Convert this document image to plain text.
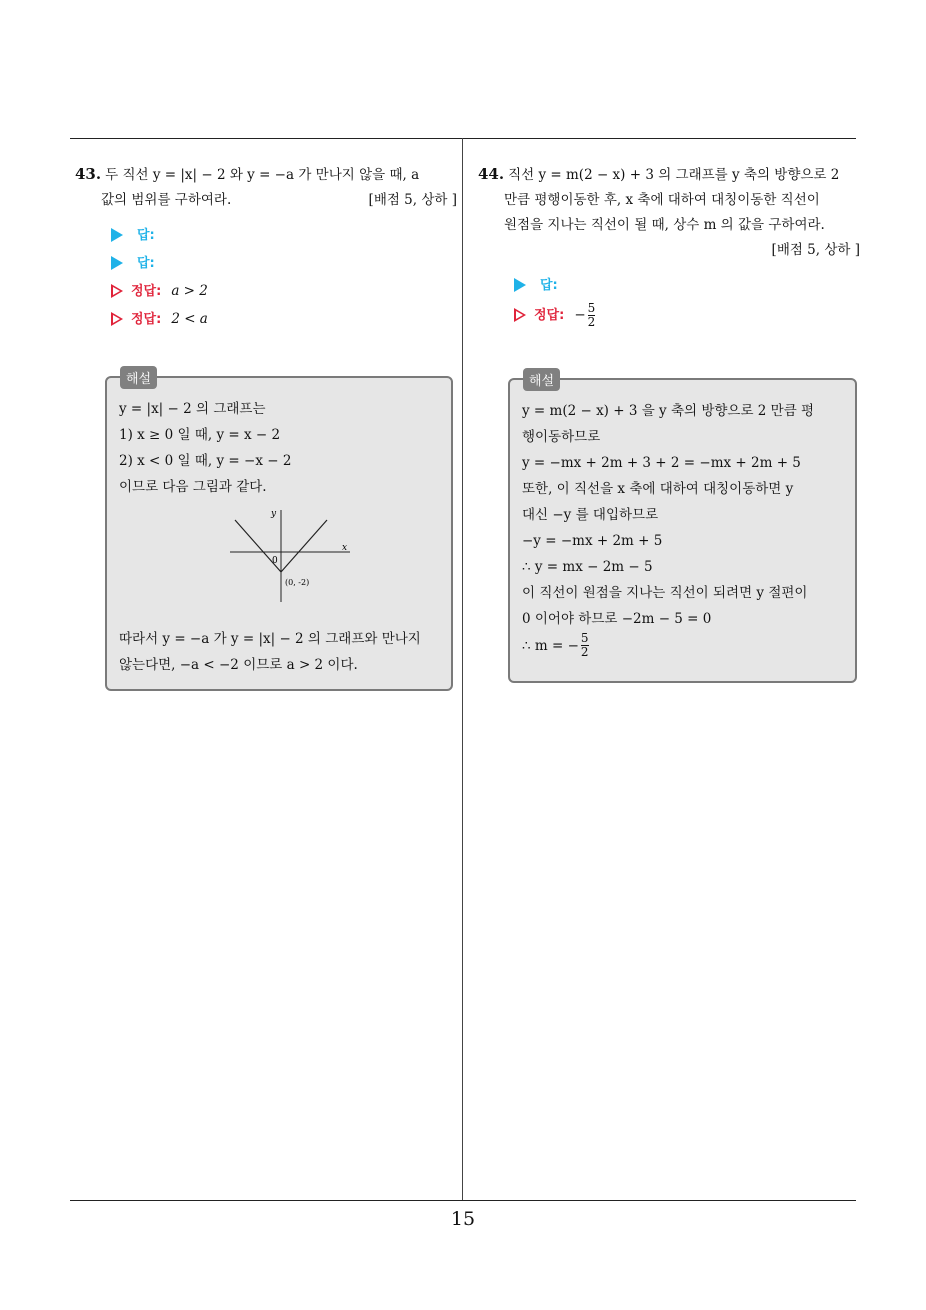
43. 두 직선 y = |x| − 2 와 y = −a 가 만나지 않을 때, a
값의 범위를 구하여라.	[배점 5, 상하 ]
답:
답:
정답: a > 2
정답: 2 < a
y = |x| − 2 의 그래프는
1) x ≥ 0 일 때, y = x − 2
2) x < 0 일 때, y = −x − 2
이므로 다음 그림과 같다.
y
x
0
(0, -2)
따라서 y = −a 가 y = |x| − 2 의 그래프와 만나지
않는다면, −a < −2 이므로 a > 2 이다.
해설
44. 직선 y = m(2 − x) + 3 의 그래프를 y 축의 방향으로 2
만큼 평행이동한 후, x 축에 대하여 대칭이동한 직선이
원점을 지나는 직선이 될 때, 상수 m 의 값을 구하여라.
[배점 5, 상하 ]
답:
정답: − $\frac{5}{2}$
y = m(2 − x) + 3 을 y 축의 방향으로 2 만큼 평
행이동하므로
y = −mx + 2m + 3 + 2 = −mx + 2m + 5
또한, 이 직선을 x 축에 대하여 대칭이동하면 y
대신 −y 를 대입하므로
−y = −mx + 2m + 5
∴ y = mx − 2m − 5
이 직선이 원점을 지나는 직선이 되려면 y 절편이
0 이어야 하므로 −2m − 5 = 0
∴ m = − $\frac{5}{2}$
해설
15
